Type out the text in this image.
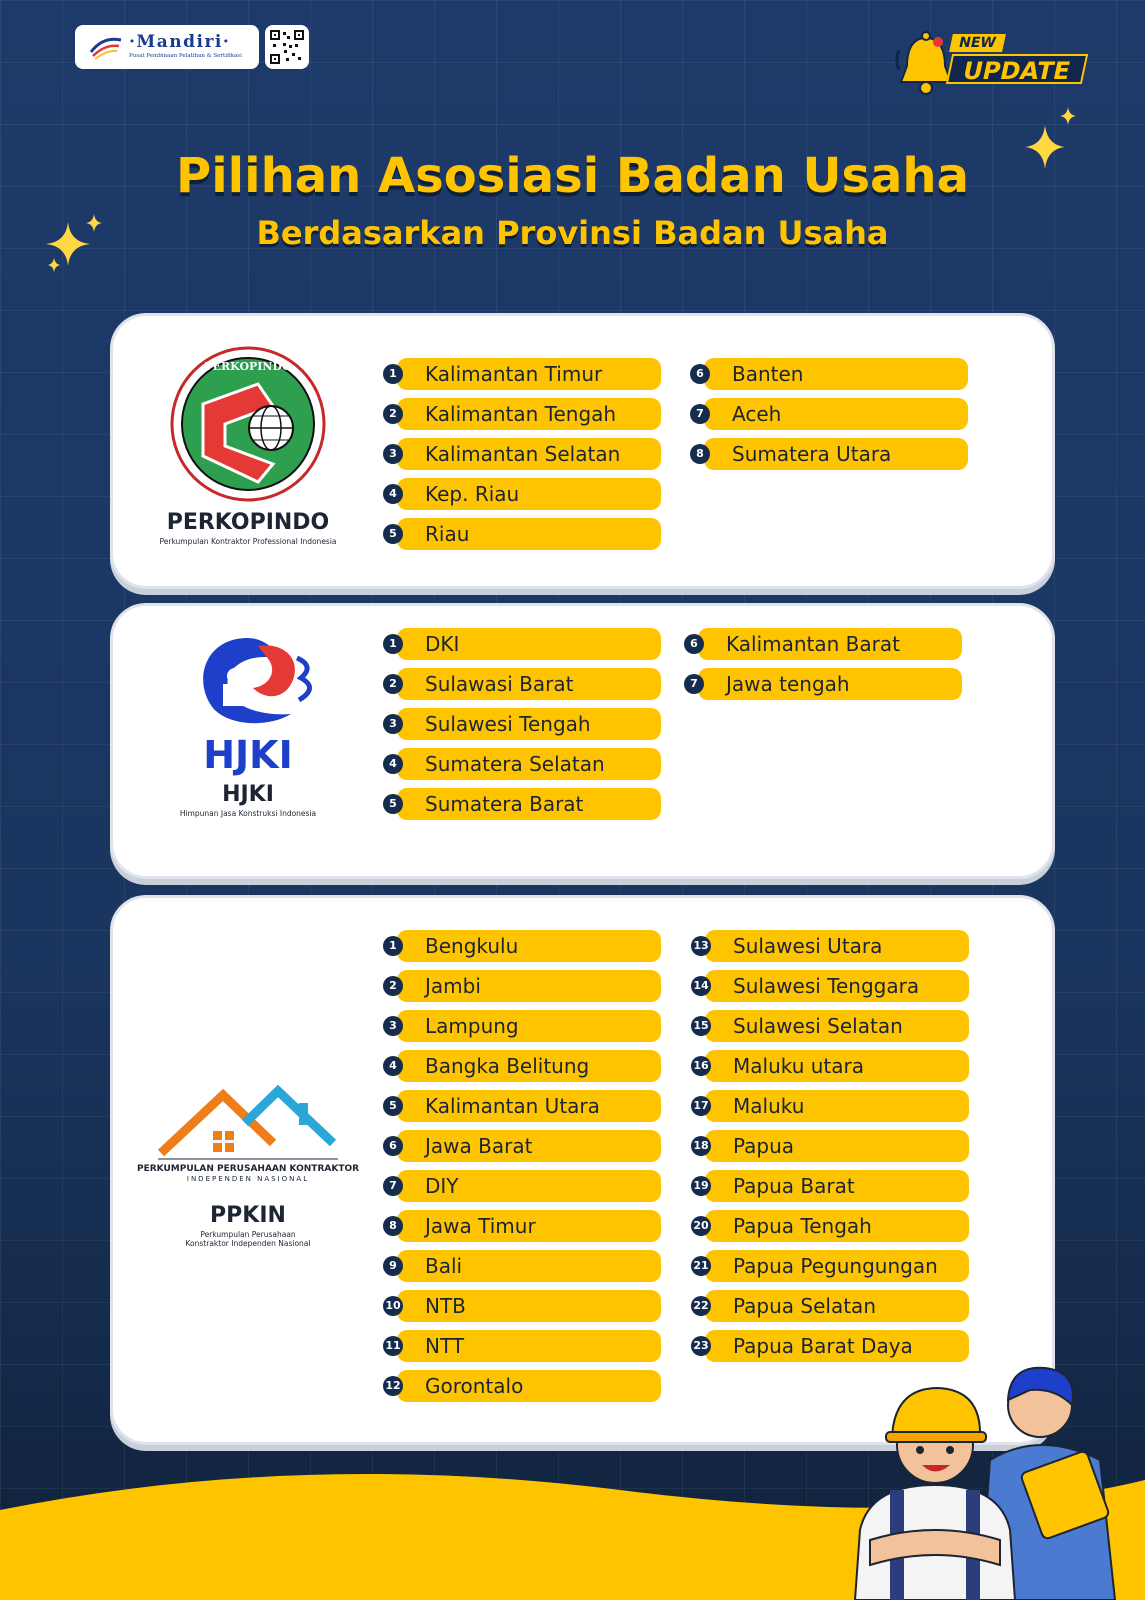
·Mandiri·
Pusat Pembinaan Pelatihan & Sertifikasi
NEW
UPDATE
Pilihan Asosiasi Badan Usaha
Berdasarkan Provinsi Badan Usaha
PERKOPINDO
PERKOPINDO
Perkumpulan Kontraktor Professional Indonesia
1	Kalimantan Timur
2	Kalimantan Tengah
3	Kalimantan Selatan
4	Kep. Riau
5	Riau
6	Banten
7	Aceh
8	Sumatera Utara
HJKI
HJKI
Himpunan Jasa Konstruksi Indonesia
1	DKI
2	Sulawasi Barat
3	Sulawesi Tengah
4	Sumatera Selatan
5	Sumatera Barat
6	Kalimantan Barat
7	Jawa tengah
PERKUMPULAN PERUSAHAAN KONTRAKTOR
INDEPENDEN NASIONAL
PPKIN
Perkumpulan Perusahaan Konstraktor Independen Nasional
1	Bengkulu
2	Jambi
3	Lampung
4	Bangka Belitung
5	Kalimantan Utara
6	Jawa Barat
7	DIY
8	Jawa Timur
9	Bali
10 NTB
11 NTT
12 Gorontalo
13 Sulawesi Utara
14 Sulawesi Tenggara
15 Sulawesi Selatan
16 Maluku utara
17 Maluku
18 Papua
19 Papua Barat
20 Papua Tengah
21 Papua Pegungungan
22 Papua Selatan
23 Papua Barat Daya
